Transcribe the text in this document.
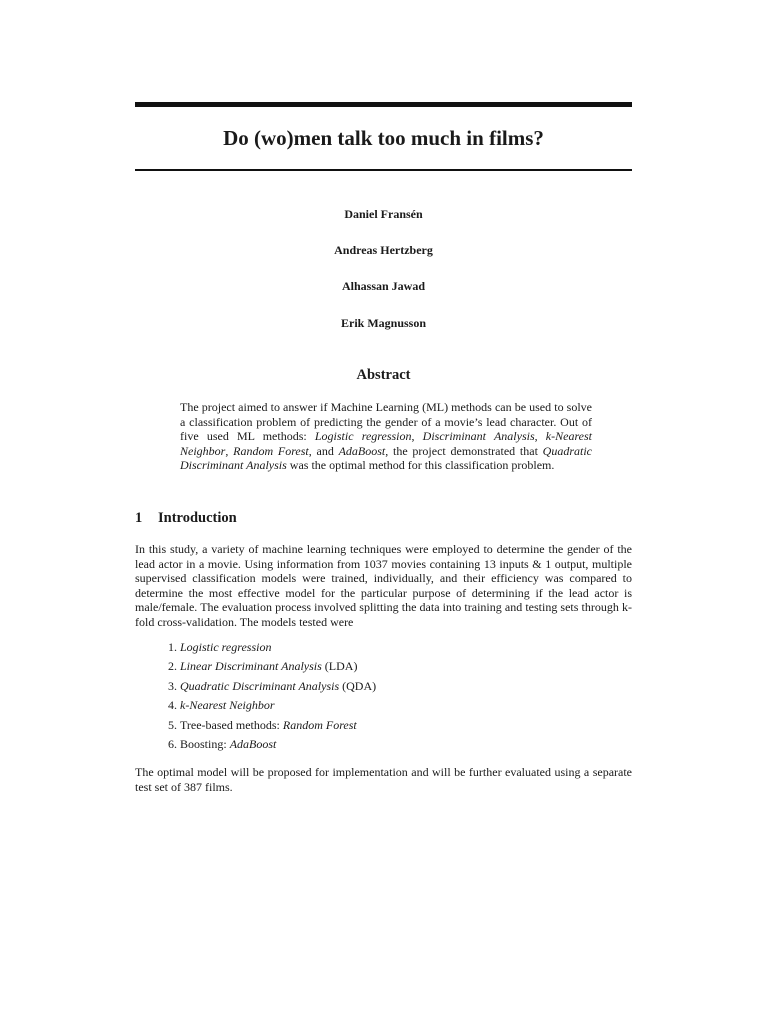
Do (wo)men talk too much in films?
Daniel Fransén
Andreas Hertzberg
Alhassan Jawad
Erik Magnusson
Abstract
The project aimed to answer if Machine Learning (ML) methods can be used to solve a classification problem of predicting the gender of a movie’s lead character. Out of five used ML methods: Logistic regression, Discriminant Analysis, k-Nearest Neighbor, Random Forest, and AdaBoost, the project demonstrated that Quadratic Discriminant Analysis was the optimal method for this classification problem.
1 Introduction
In this study, a variety of machine learning techniques were employed to determine the gender of the lead actor in a movie. Using information from 1037 movies containing 13 inputs & 1 output, multiple supervised classification models were trained, individually, and their efficiency was compared to determine the most effective model for the particular purpose of determining if the lead actor is male/female. The evaluation process involved splitting the data into training and testing sets through k-fold cross-validation. The models tested were
1. Logistic regression
2. Linear Discriminant Analysis (LDA)
3. Quadratic Discriminant Analysis (QDA)
4. k-Nearest Neighbor
5. Tree-based methods: Random Forest
6. Boosting: AdaBoost
The optimal model will be proposed for implementation and will be further evaluated using a separate test set of 387 films.
